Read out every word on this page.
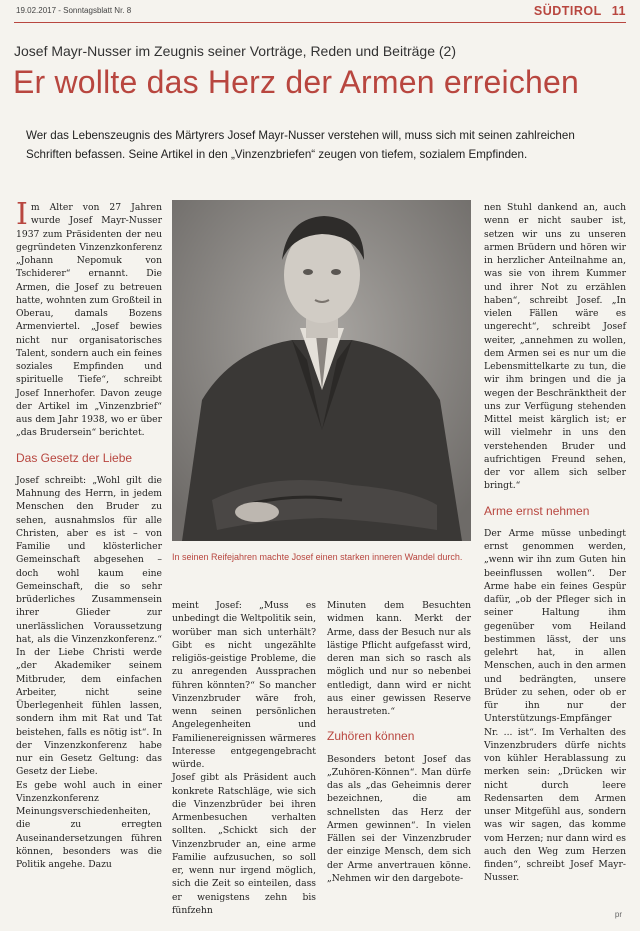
19.02.2017 - Sonntagsblatt Nr. 8	SÜDTIROL 11
Josef Mayr-Nusser im Zeugnis seiner Vorträge, Reden und Beiträge (2)
Er wollte das Herz der Armen erreichen
Wer das Lebenszeugnis des Märtyrers Josef Mayr-Nusser verstehen will, muss sich mit seinen zahlreichen Schriften befassen. Seine Artikel in den „Vinzenzbriefen“ zeugen von tiefem, sozialem Empfinden.

Im Alter von 27 Jahren wurde Josef Mayr-Nusser 1937 zum Präsidenten der neu gegründeten Vinzenzkonferenz „Johann Nepomuk von Tschiderer“ ernannt. Die Armen, die Josef zu betreuen hatte, wohnten zum Großteil in Oberau, damals Bozens Armenviertel. „Josef bewies nicht nur organisatorisches Talent, sondern auch ein feines soziales Empfinden und spirituelle Tiefe“, schreibt Josef Innerhofer. Davon zeuge der Artikel im „Vinzenzbrief“ aus dem Jahr 1938, wo er über „das Brudersein“ berichtet.

Das Gesetz der Liebe

Josef schreibt: „Wohl gilt die Mahnung des Herrn, in jedem Menschen den Bruder zu sehen, ausnahmslos für alle Christen, aber es ist – von Familie und klösterlicher Gemeinschaft abgesehen – doch wohl kaum eine Gemeinschaft, die so sehr brüderliches Zusammensein ihrer Glieder zur unerlässlichen Voraussetzung hat, als die Vinzenzkonferenz.“ In der Liebe Christi werde „der Akademiker seinem Mitbruder, dem einfachen Arbeiter, nicht seine Überlegenheit fühlen lassen, sondern ihm mit Rat und Tat beistehen, falls es nötig ist“. In der Vinzenzkonferenz habe nur ein Gesetz Geltung: das Gesetz der Liebe.

Es gebe wohl auch in einer Vinzenzkonferenz Meinungsverschiedenheiten, die zu erregten Auseinandersetzungen führen können, besonders was die Politik angehe. Dazu

In seinen Reifejahren machte Josef einen starken inneren Wandel durch.

meint Josef: „Muss es unbedingt die Weltpolitik sein, worüber man sich unterhält? Gibt es nicht ungezählte religiös-geistige Probleme, die zu anregenden Aussprachen führen könnten?“ So mancher Vinzenzbruder wäre froh, wenn seinen persönlichen Angelegenheiten und Familienereignissen wärmeres Interesse entgegengebracht würde.

Josef gibt als Präsident auch konkrete Ratschläge, wie sich die Vinzenzbrüder bei ihren Armenbesuchen verhalten sollten. „Schickt sich der Vinzenzbruder an, eine arme Familie aufzusuchen, so soll er, wenn nur irgend möglich, sich die Zeit so einteilen, dass er wenigstens zehn bis fünfzehn

Minuten dem Besuchten widmen kann. Merkt der Arme, dass der Besuch nur als lästige Pflicht aufgefasst wird, deren man sich so rasch als möglich und nur so nebenbei entledigt, dann wird er nicht aus einer gewissen Reserve heraustreten.“

Zuhören können

Besonders betont Josef das „Zuhören-Können“. Man dürfe das als „das Geheimnis derer bezeichnen, die am schnellsten das Herz der Armen gewinnen“. In vielen Fällen sei der Vinzenzbruder der einzige Mensch, dem sich der Arme anvertrauen könne. „Nehmen wir den dargebote-

nen Stuhl dankend an, auch wenn er nicht sauber ist, setzen wir uns zu unseren armen Brüdern und hören wir in herzlicher Anteilnahme an, was sie von ihrem Kummer und ihrer Not zu erzählen haben“, schreibt Josef. „In vielen Fällen wäre es ungerecht“, schreibt Josef weiter, „annehmen zu wollen, dem Armen sei es nur um die Lebensmittelkarte zu tun, die wir ihm bringen und die ja wegen der Beschränktheit der uns zur Verfügung stehenden Mittel meist kärglich ist; er will vielmehr in uns den verstehenden Bruder und aufrichtigen Freund sehen, der vor allem sich selber bringt.“

Arme ernst nehmen

Der Arme müsse unbedingt ernst genommen werden, „wenn wir ihn zum Guten hin beeinflussen wollen“. Der Arme habe ein feines Gespür dafür, „ob der Pfleger sich in seiner Haltung ihm gegenüber vom Heiland bestimmen lässt, der uns gelehrt hat, in allen Menschen, auch in den armen und bedrängten, unsere Brüder zu sehen, oder ob er für ihn nur der Unterstützungs-Empfänger Nr. ... ist“. Im Verhalten des Vinzenzbruders dürfe nichts von kühler Herablassung zu merken sein: „Drücken wir nicht durch leere Redensarten dem Armen unser Mitgefühl aus, sondern was wir sagen, das komme vom Herzen; nur dann wird es auch den Weg zum Herzen finden“, schreibt Josef Mayr-Nusser.

pr
